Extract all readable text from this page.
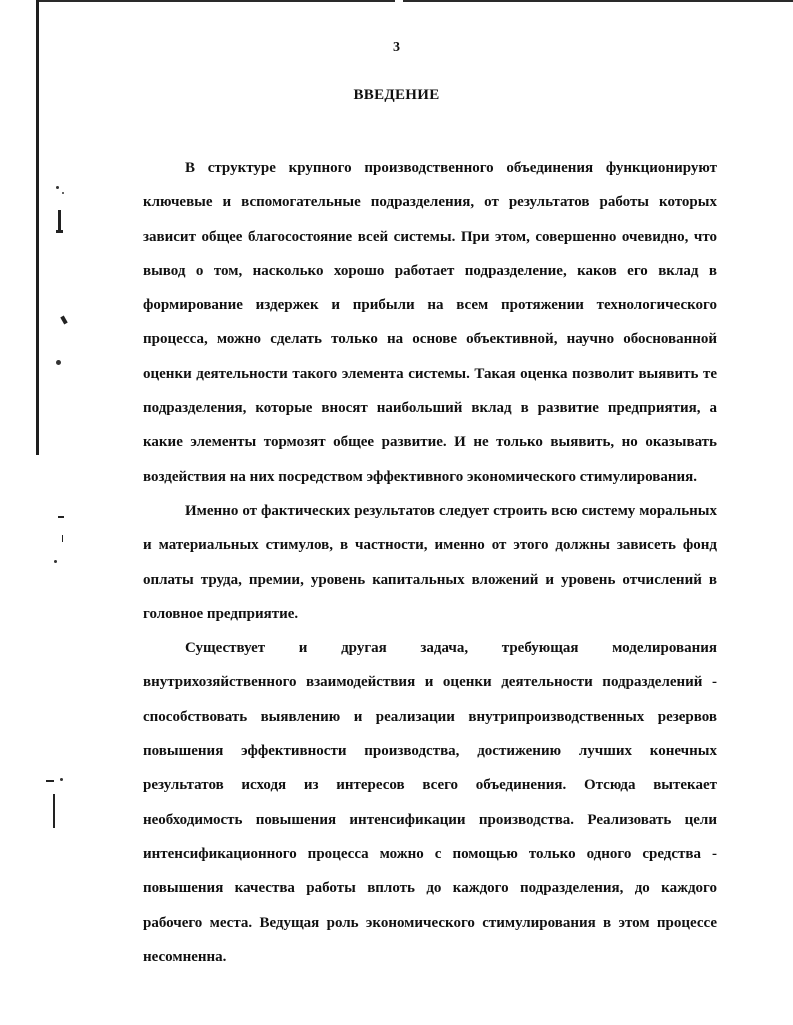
3
ВВЕДЕНИЕ

В структуре крупного производственного объединения функционируют ключевые и вспомогательные подразделения, от результатов работы которых зависит общее благосостояние всей системы. При этом, совершенно очевидно, что вывод о том, насколько хорошо работает подразделение, каков его вклад в формирование издержек и прибыли на всем протяжении технологического процесса, можно сделать только на основе объективной, научно обоснованной оценки деятельности такого элемента системы. Такая оценка позволит выявить те подразделения, которые вносят наибольший вклад в развитие предприятия, а какие элементы тормозят общее развитие. И не только выявить, но оказывать воздействия на них посредством эффективного экономического стимулирования.

Именно от фактических результатов следует строить всю систему моральных и материальных стимулов, в частности, именно от этого должны зависеть фонд оплаты труда, премии, уровень капитальных вложений и уровень отчислений в головное предприятие.

Существует и другая задача, требующая моделирования внутрихозяйственного взаимодействия и оценки деятельности подразделений - способствовать выявлению и реализации внутрипроизводственных резервов повышения эффективности производства, достижению лучших конечных результатов исходя из интересов всего объединения. Отсюда вытекает необходимость повышения интенсификации производства. Реализовать цели интенсификационного процесса можно с помощью только одного средства - повышения качества работы вплоть до каждого подразделения, до каждого рабочего места. Ведущая роль экономического стимулирования в этом процессе несомненна.
